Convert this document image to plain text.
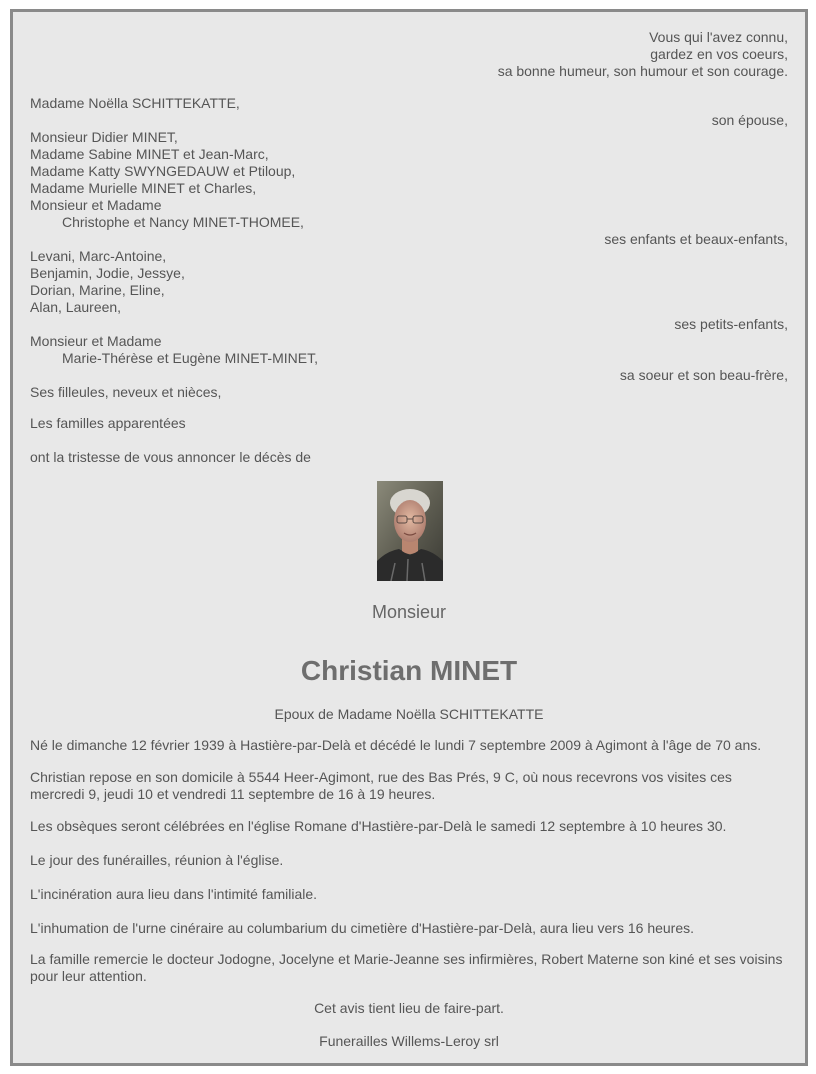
Vous qui l'avez connu,
gardez en vos coeurs,
sa bonne humeur, son humour et son courage.
Madame Noëlla SCHITTEKATTE,
son épouse,
Monsieur Didier MINET,
Madame Sabine MINET et Jean-Marc,
Madame Katty SWYNGEDAUW et Ptiloup,
Madame Murielle MINET et Charles,
Monsieur et Madame
Christophe et Nancy MINET-THOMEE,
ses enfants et beaux-enfants,
Levani, Marc-Antoine,
Benjamin, Jodie, Jessye,
Dorian, Marine, Eline,
Alan, Laureen,
ses petits-enfants,
Monsieur et Madame
Marie-Thérèse et Eugène MINET-MINET,
sa soeur et son beau-frère,
Ses filleules, neveux et nièces,
Les familles apparentées
ont la tristesse de vous annoncer le décès de
Monsieur
Christian MINET
Epoux de Madame Noëlla SCHITTEKATTE
Né le dimanche 12 février 1939 à Hastière-par-Delà et décédé le lundi 7 septembre 2009 à Agimont à l'âge de 70 ans.
Christian repose en son domicile à 5544 Heer-Agimont, rue des Bas Prés, 9 C, où nous recevrons vos visites ces mercredi 9, jeudi 10 et vendredi 11 septembre de 16 à 19 heures.
Les obsèques seront célébrées en l'église Romane d'Hastière-par-Delà le samedi 12 septembre à 10 heures 30.
Le jour des funérailles, réunion à l'église.
L'incinération aura lieu dans l'intimité familiale.
L'inhumation de l'urne cinéraire au columbarium du cimetière d'Hastière-par-Delà, aura lieu vers 16 heures.
La famille remercie le docteur Jodogne, Jocelyne et Marie-Jeanne ses infirmières, Robert Materne son kiné et ses voisins pour leur attention.
Cet avis tient lieu de faire-part.
Funerailles Willems-Leroy srl
